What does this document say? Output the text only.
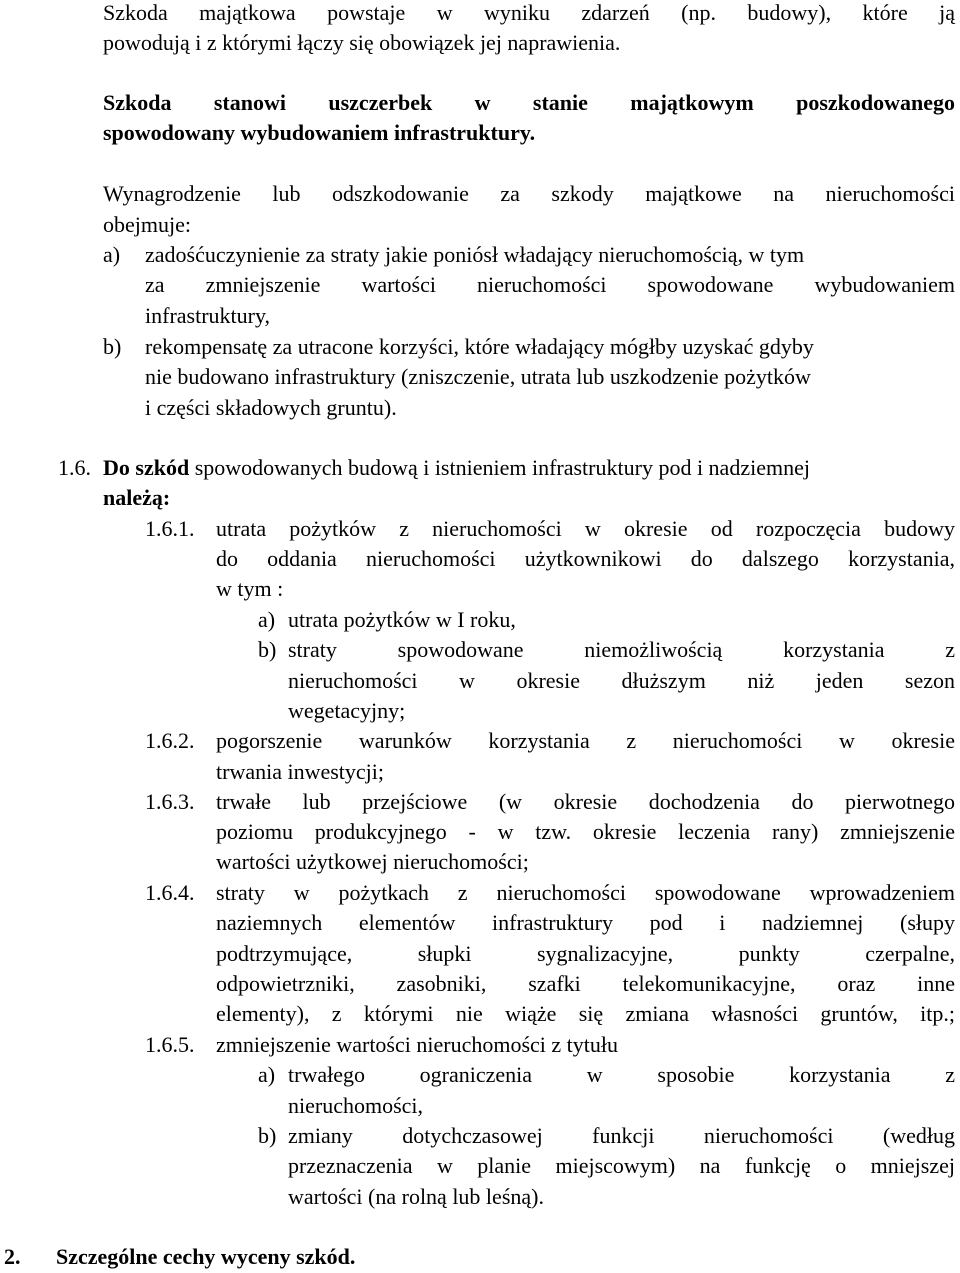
Szkoda majątkowa powstaje w wyniku zdarzeń (np. budowy), które ją
powodują i z którymi łączy się obowiązek jej naprawienia.
Szkoda stanowi uszczerbek w stanie majątkowym poszkodowanego
spowodowany wybudowaniem infrastruktury.
Wynagrodzenie lub odszkodowanie za szkody majątkowe na nieruchomości
obejmuje:
a) zadośćuczynienie za straty jakie poniósł władający nieruchomością, w tym
za zmniejszenie wartości nieruchomości spowodowane wybudowaniem
infrastruktury,
b) rekompensatę za utracone korzyści, które władający mógłby uzyskać gdyby
nie budowano infrastruktury (zniszczenie, utrata lub uszkodzenie pożytków
i części składowych gruntu).
1.6. Do szkód spowodowanych budową i istnieniem infrastruktury pod i nadziemnej
należą:
1.6.1. utrata pożytków z nieruchomości w okresie od rozpoczęcia budowy
do oddania nieruchomości użytkownikowi do dalszego korzystania,
w tym :
a) utrata pożytków w I roku,
b) straty spowodowane niemożliwością korzystania z
nieruchomości w okresie dłuższym niż jeden sezon
wegetacyjny;
1.6.2. pogorszenie warunków korzystania z nieruchomości w okresie
trwania inwestycji;
1.6.3. trwałe lub przejściowe (w okresie dochodzenia do pierwotnego
poziomu produkcyjnego - w tzw. okresie leczenia rany) zmniejszenie
wartości użytkowej nieruchomości;
1.6.4. straty w pożytkach z nieruchomości spowodowane wprowadzeniem
naziemnych elementów infrastruktury pod i nadziemnej (słupy
podtrzymujące, słupki sygnalizacyjne, punkty czerpalne,
odpowietrzniki, zasobniki, szafki telekomunikacyjne, oraz inne
elementy), z którymi nie wiąże się zmiana własności gruntów, itp.;
1.6.5. zmniejszenie wartości nieruchomości z tytułu
a) trwałego ograniczenia w sposobie korzystania z
nieruchomości,
b) zmiany dotychczasowej funkcji nieruchomości (według
przeznaczenia w planie miejscowym) na funkcję o mniejszej
wartości (na rolną lub leśną).
2. Szczególne cechy wyceny szkód.
